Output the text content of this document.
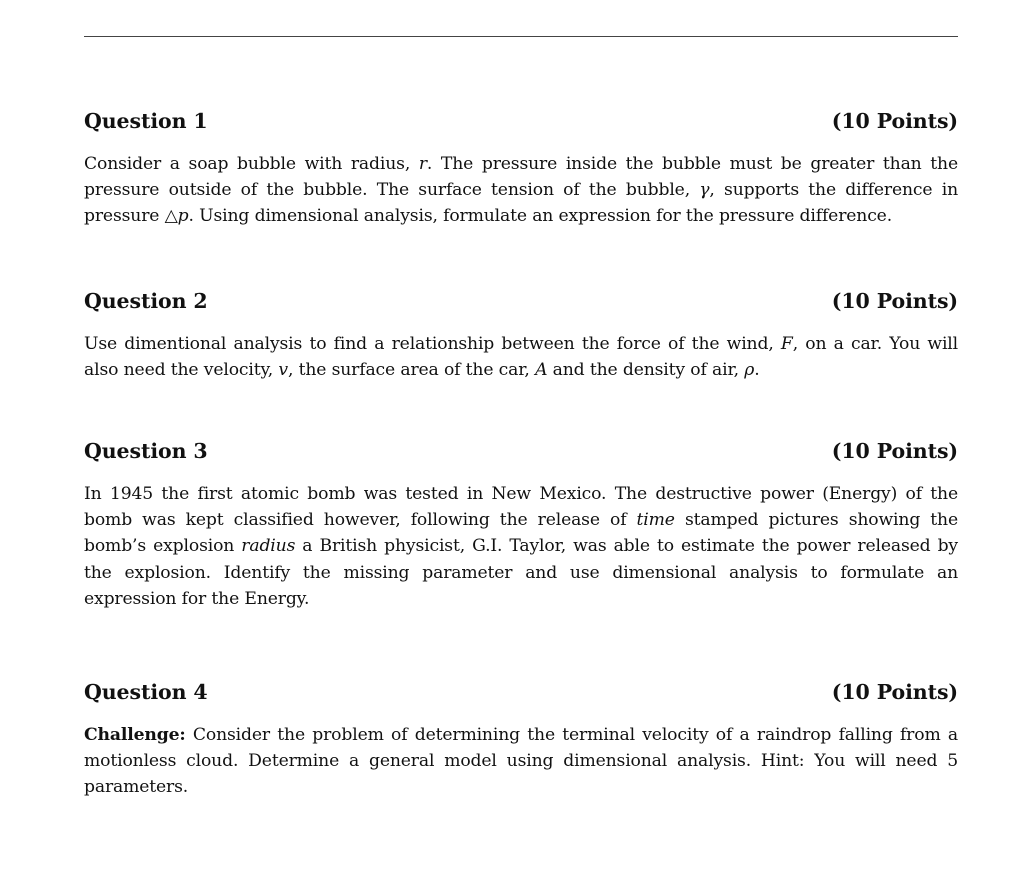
Question 1	(10 Points)
Consider a soap bubble with radius, r. The pressure inside the bubble must be greater than the pressure outside of the bubble. The surface tension of the bubble, γ, supports the difference in pressure △p. Using dimensional analysis, formulate an expression for the pressure difference.
Question 2	(10 Points)
Use dimentional analysis to find a relationship between the force of the wind, F, on a car. You will also need the velocity, v, the surface area of the car, A and the density of air, ρ.
Question 3	(10 Points)
In 1945 the first atomic bomb was tested in New Mexico. The destructive power (Energy) of the bomb was kept classified however, following the release of time stamped pictures showing the bomb’s explosion radius a British physicist, G.I. Taylor, was able to estimate the power released by the explosion. Identify the missing parameter and use dimensional analysis to formulate an expression for the Energy.
Question 4	(10 Points)
Challenge: Consider the problem of determining the terminal velocity of a raindrop falling from a motionless cloud. Determine a general model using dimensional analysis. Hint: You will need 5 parameters.
